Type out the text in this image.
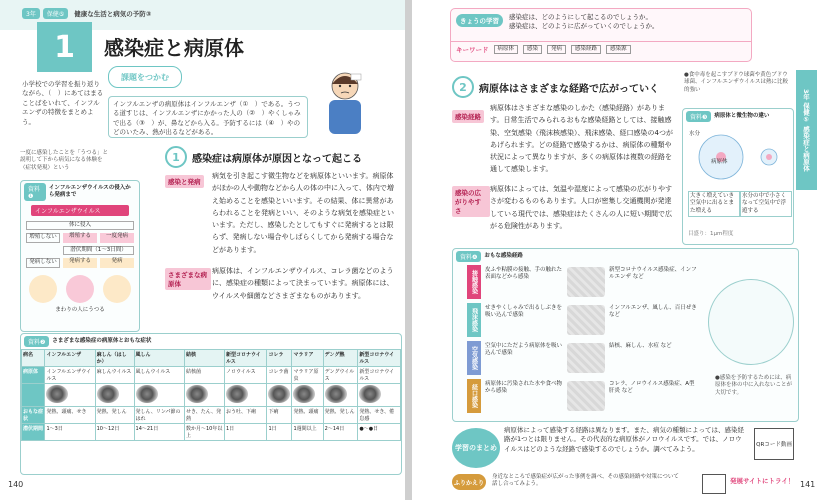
3年	保健⑤	健康な生活と病気の予防③
1	感染症と病原体
課題をつかむ
小学校での学習を振り返りながら、（　）にあてはまることばをいれて、インフルエンザの特徴をまとめよう。
インフルエンザの病原体はインフルエンザ（①　）である。うつる道すじは、インフルエンザにかかった人の（②　）やくしゃみで出る（③　）が、鼻などから入る。予防するには（④　）やのどのいたみ、熱が出るなどがある。
一度に感染したことを「うつる」と説明して下から病気になる体験を（症状発現）という
資料❶
インフルエンザウイルスの侵入から発病まで
インフルエンザウイルス
体に侵入
増殖しない	増殖する	一度発病
潜伏期間（1〜3日間）
発病しない	発病する	発病
まわりの人にうつる
1	感染症は病原体が原因となって起こる
感染と発病
病気を引き起こす微生物などを病原体といいます。病原体がほかの人や動物などから人の体の中に入って、体内で増え始めることを感染といいます。その結果、体に異常があらわれることを発病といい、そのような病気を感染症といいます。ただし、感染したとしてもすぐに発病するとは限らず、発病しない場合やしばらくしてから発病する場合などがあります。
さまざまな病原体
病原体は、インフルエンザウイルス、コレラ菌などのように、感染症の種類によって決まっています。病原体には、ウイルスや細菌などさまざまなものがあります。
資料❷	さまざまな感染症の病原体とおもな症状
病名	インフルエンザ	麻しん（はしか）	風しん	結核	新型コロナウイルス	コレラ	マラリア	デング熱	新型コロナウイルス
病原体	インフルエンザウイルス	麻しんウイルス	風しんウイルス	結核菌	ノロウイルス	コレラ菌	マラリア原虫	デングウイルス	新型コロナウイルス

おもな症状	発熱、頭痛、せき	発熱、発しん	発しん、リンパ節のはれ	せき、たん、発熱	おう吐、下痢	下痢	発熱、頭痛	発熱、発しん	発熱、せき、倦怠感
潜伏期間	1〜3日	10〜12日	14〜21日	数か月〜10年以上	1日	1日	1週間以上	2〜14日	●〜●日
140
きょうの学習	感染症は、どのようにして起こるのでしょうか。
感染症は、どのように広がっていくのでしょうか。
キーワード	病原体	感染	発病	感染経路	感染源
3年 保健⑤ 感染症と病原体
2	病原体はさまざまな経路で広がっていく
感染経路
病原体はさまざまな感染のしかた（感染経路）があります。日常生活でみられるおもな感染経路としては、接触感染、空気感染（飛沫核感染）、飛沫感染、経口感染の4つがあげられます。どの経路で感染するかは、病原体の種類や状況によって異なりますが、多くの病原体は複数の経路を通して感染します。
感染の広がりやすさ
病原体によっては、気温や湿度によって感染の広がりやすさが変わるものもあります。人口が密集し交通機関が発達している現代では、感染症はたくさんの人に短い期間で広がる危険性があります。
●食中毒を起こすブドウ球菌や黄色ブドウ球菌、インフルエンザウイルスは熱に比較的強い
資料❸	病原体と微生物の違い
水分
病原体
大きく増えていき空気中に出るとまた増える
水分の中で小さくなって空気中で浮遊する
目盛り：1μm程度
資料❹	おもな感染経路
接触感染	皮ふや粘膜の接触、手の触れた表面などから感染
新型コロナウイルス感染症、インフルエンザ など
飛沫感染	せきやくしゃみで出るしぶきを吸い込んで感染
インフルエンザ、風しん、百日ぜき など
空気感染	空気中にただよう病原体を吸い込んで感染
結核、麻しん、水痘 など
経口感染	病原体に汚染された水や食べ物から感染
コレラ、ノロウイルス感染症、A型肝炎 など
●感染を予防するためには、病原体を体の中に入れないことが大切です。
学習のまとめ
病原体によって感染する経路は異なります。また、病気の種類によっては、感染経路が1つとは限りません。その代表的な病原体がノロウイルスです。では、ノロウイルスはどのような経路で感染するのでしょうか。調べてみよう。	QRコード動画
ふりかえり
身近なところで感染症が広がった事例を調べ、その感染経路や対策について話し合ってみよう。	発展サイトにトライ！ 141
